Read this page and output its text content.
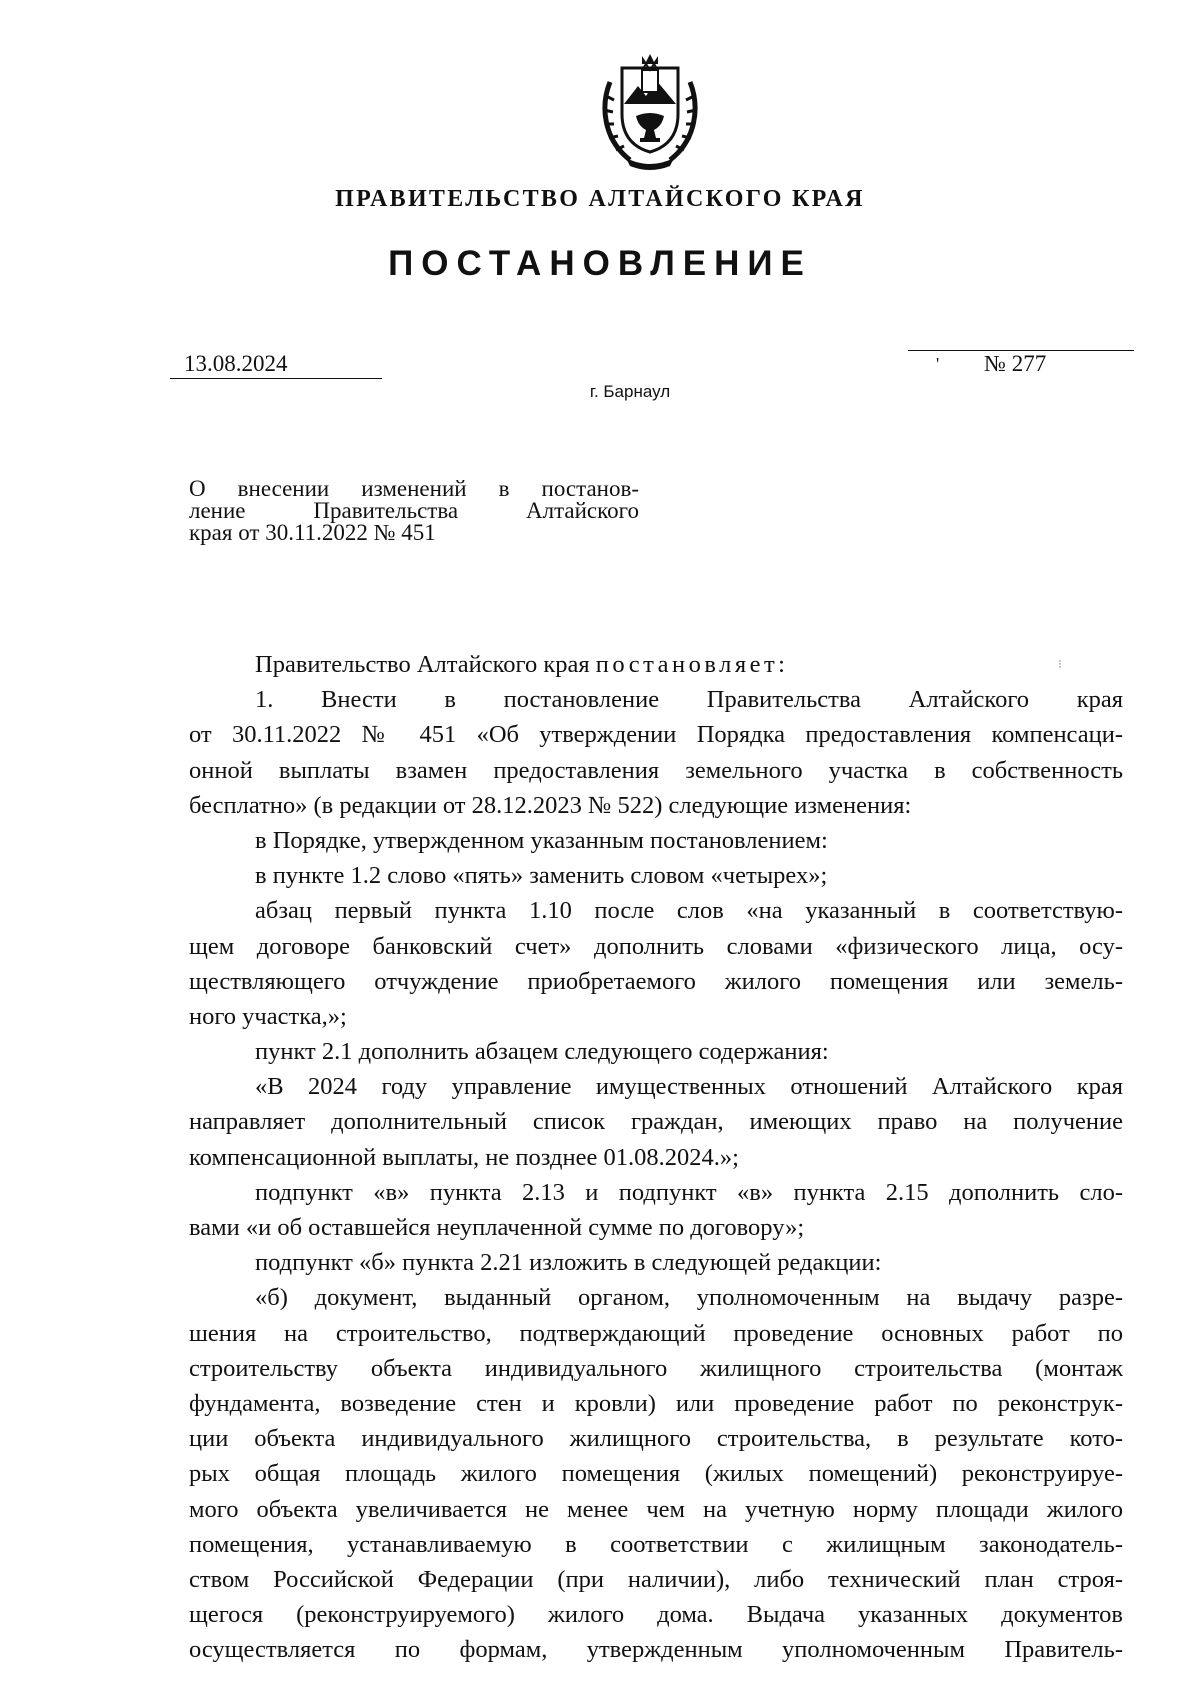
ПРАВИТЕЛЬСТВО АЛТАЙСКОГО КРАЯ
ПОСТАНОВЛЕНИЕ
13.08.2024	' № 277
г. Барнаул
О внесении изменений в постанов-
ление Правительства Алтайского
края от 30.11.2022 № 451
⁝
Правительство Алтайского края постановляет:
1. Внести в постановление Правительства Алтайского края
от 30.11.2022 № 451 «Об утверждении Порядка предоставления компенсаци-
онной выплаты взамен предоставления земельного участка в собственность
бесплатно» (в редакции от 28.12.2023 № 522) следующие изменения:
в Порядке, утвержденном указанным постановлением:
в пункте 1.2 слово «пять» заменить словом «четырех»;
абзац первый пункта 1.10 после слов «на указанный в соответствую-
щем договоре банковский счет» дополнить словами «физического лица, осу-
ществляющего отчуждение приобретаемого жилого помещения или земель-
ного участка,»;
пункт 2.1 дополнить абзацем следующего содержания:
«В 2024 году управление имущественных отношений Алтайского края
направляет дополнительный список граждан, имеющих право на получение
компенсационной выплаты, не позднее 01.08.2024.»;
подпункт «в» пункта 2.13 и подпункт «в» пункта 2.15 дополнить сло-
вами «и об оставшейся неуплаченной сумме по договору»;
подпункт «б» пункта 2.21 изложить в следующей редакции:
«б) документ, выданный органом, уполномоченным на выдачу разре-
шения на строительство, подтверждающий проведение основных работ по
строительству объекта индивидуального жилищного строительства (монтаж
фундамента, возведение стен и кровли) или проведение работ по реконструк-
ции объекта индивидуального жилищного строительства, в результате кото-
рых общая площадь жилого помещения (жилых помещений) реконструируе-
мого объекта увеличивается не менее чем на учетную норму площади жилого
помещения, устанавливаемую в соответствии с жилищным законодатель-
ством Российской Федерации (при наличии), либо технический план строя-
щегося (реконструируемого) жилого дома. Выдача указанных документов
осуществляется по формам, утвержденным уполномоченным Правитель-
